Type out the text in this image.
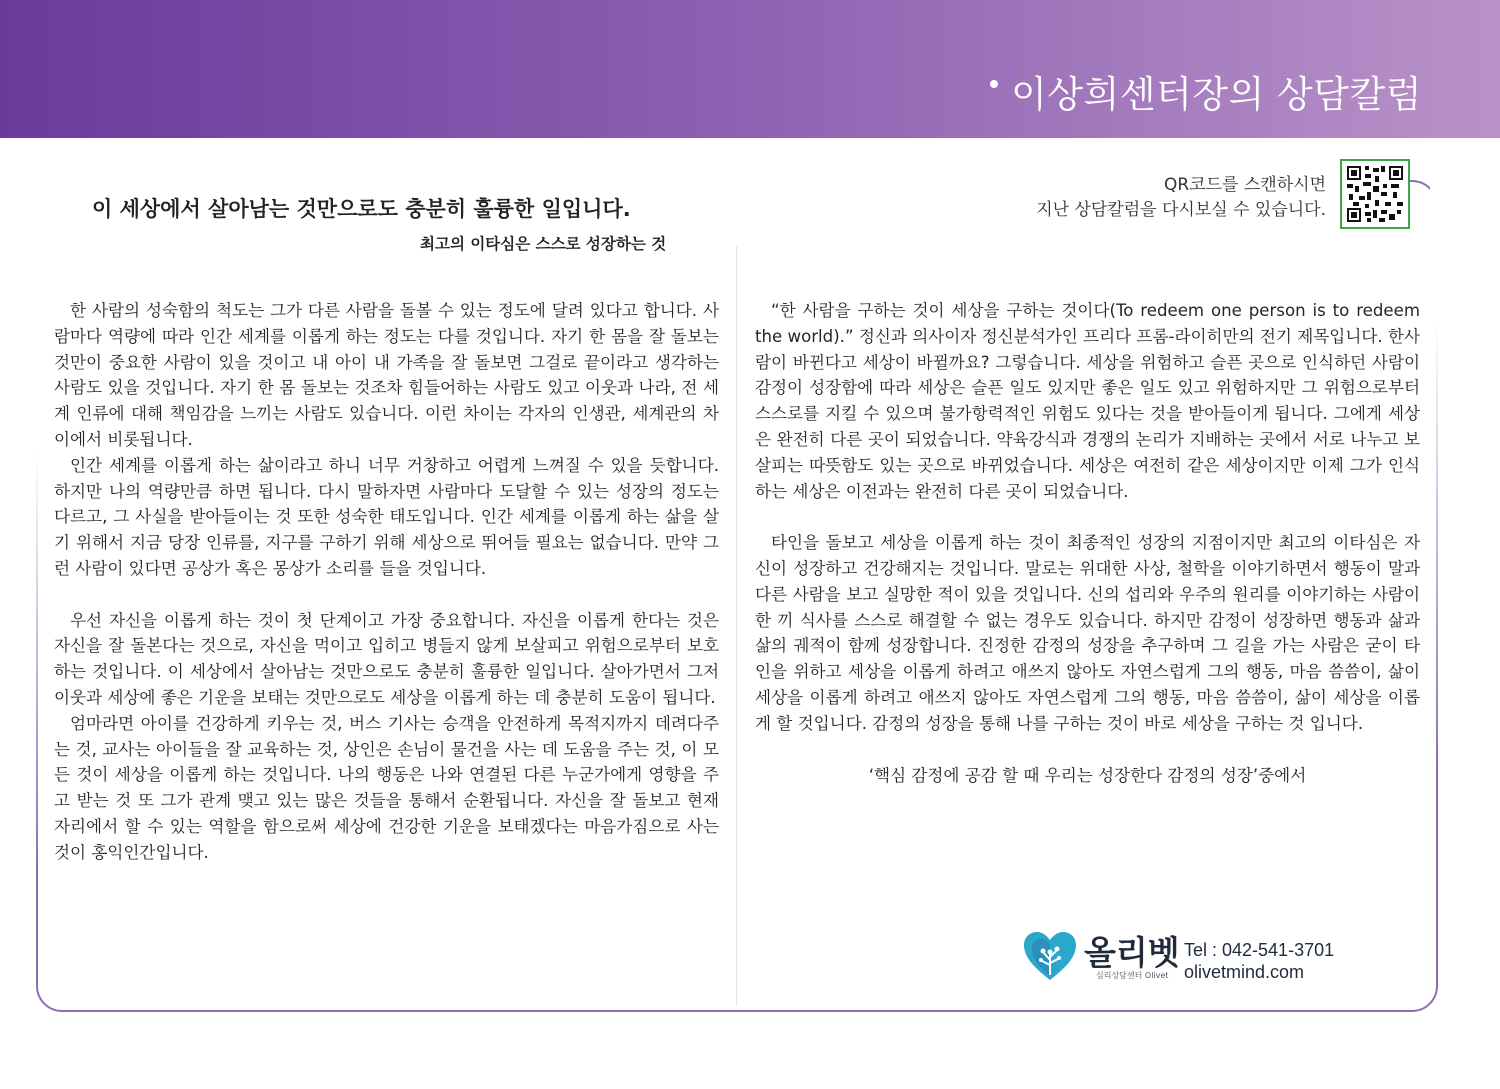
이상희센터장의 상담칼럼
이 세상에서 살아남는 것만으로도 충분히 훌륭한 일입니다.
최고의 이타심은 스스로 성장하는 것
QR코드를 스캔하시면
지난 상담칼럼을 다시보실 수 있습니다.

한 사람의 성숙함의 척도는 그가 다른 사람을 돌볼 수 있는 정도에 달려 있다고 합니다. 사람마다 역량에 따라 인간 세계를 이롭게 하는 정도는 다를 것입니다. 자기 한 몸을 잘 돌보는 것만이 중요한 사람이 있을 것이고 내 아이 내 가족을 잘 돌보면 그걸로 끝이라고 생각하는 사람도 있을 것입니다. 자기 한 몸 돌보는 것조차 힘들어하는 사람도 있고 이웃과 나라, 전 세계 인류에 대해 책임감을 느끼는 사람도 있습니다. 이런 차이는 각자의 인생관, 세계관의 차이에서 비롯됩니다.

인간 세계를 이롭게 하는 삶이라고 하니 너무 거창하고 어렵게 느껴질 수 있을 듯합니다. 하지만 나의 역량만큼 하면 됩니다. 다시 말하자면 사람마다 도달할 수 있는 성장의 정도는 다르고, 그 사실을 받아들이는 것 또한 성숙한 태도입니다. 인간 세계를 이롭게 하는 삶을 살기 위해서 지금 당장 인류를, 지구를 구하기 위해 세상으로 뛰어들 필요는 없습니다. 만약 그런 사람이 있다면 공상가 혹은 몽상가 소리를 들을 것입니다.

우선 자신을 이롭게 하는 것이 첫 단계이고 가장 중요합니다. 자신을 이롭게 한다는 것은 자신을 잘 돌본다는 것으로, 자신을 먹이고 입히고 병들지 않게 보살피고 위험으로부터 보호하는 것입니다. 이 세상에서 살아남는 것만으로도 충분히 훌륭한 일입니다. 살아가면서 그저 이웃과 세상에 좋은 기운을 보태는 것만으로도 세상을 이롭게 하는 데 충분히 도움이 됩니다.

엄마라면 아이를 건강하게 키우는 것, 버스 기사는 승객을 안전하게 목적지까지 데려다주는 것, 교사는 아이들을 잘 교육하는 것, 상인은 손님이 물건을 사는 데 도움을 주는 것, 이 모든 것이 세상을 이롭게 하는 것입니다. 나의 행동은 나와 연결된 다른 누군가에게 영향을 주고 받는 것 또 그가 관계 맺고 있는 많은 것들을 통해서 순환됩니다. 자신을 잘 돌보고 현재 자리에서 할 수 있는 역할을 함으로써 세상에 건강한 기운을 보태겠다는 마음가짐으로 사는 것이 홍익인간입니다.

“한 사람을 구하는 것이 세상을 구하는 것이다(To redeem one person is to redeem the world).” 정신과 의사이자 정신분석가인 프리다 프롬-라이히만의 전기 제목입니다. 한사람이 바뀐다고 세상이 바뀔까요? 그렇습니다. 세상을 위험하고 슬픈 곳으로 인식하던 사람이 감정이 성장함에 따라 세상은 슬픈 일도 있지만 좋은 일도 있고 위험하지만 그 위험으로부터 스스로를 지킬 수 있으며 불가항력적인 위험도 있다는 것을 받아들이게 됩니다. 그에게 세상은 완전히 다른 곳이 되었습니다. 약육강식과 경쟁의 논리가 지배하는 곳에서 서로 나누고 보살피는 따뜻함도 있는 곳으로 바뀌었습니다. 세상은 여전히 같은 세상이지만 이제 그가 인식하는 세상은 이전과는 완전히 다른 곳이 되었습니다.

타인을 돌보고 세상을 이롭게 하는 것이 최종적인 성장의 지점이지만 최고의 이타심은 자신이 성장하고 건강해지는 것입니다. 말로는 위대한 사상, 철학을 이야기하면서 행동이 말과 다른 사람을 보고 실망한 적이 있을 것입니다. 신의 섭리와 우주의 원리를 이야기하는 사람이 한 끼 식사를 스스로 해결할 수 없는 경우도 있습니다. 하지만 감정이 성장하면 행동과 삶과 삶의 궤적이 함께 성장합니다. 진정한 감정의 성장을 추구하며 그 길을 가는 사람은 굳이 타인을 위하고 세상을 이롭게 하려고 애쓰지 않아도 자연스럽게 그의 행동, 마음 씀씀이, 삶이 세상을 이롭게 하려고 애쓰지 않아도 자연스럽게 그의 행동, 마음 씀씀이, 삶이 세상을 이롭게 할 것입니다. 감정의 성장을 통해 나를 구하는 것이 바로 세상을 구하는 것 입니다.

‘핵심 감정에 공감 할 때 우리는 성장한다 감정의 성장’중에서

올리벳
심리상담센터 Olivet
Tel : 042-541-3701
olivetmind.com
